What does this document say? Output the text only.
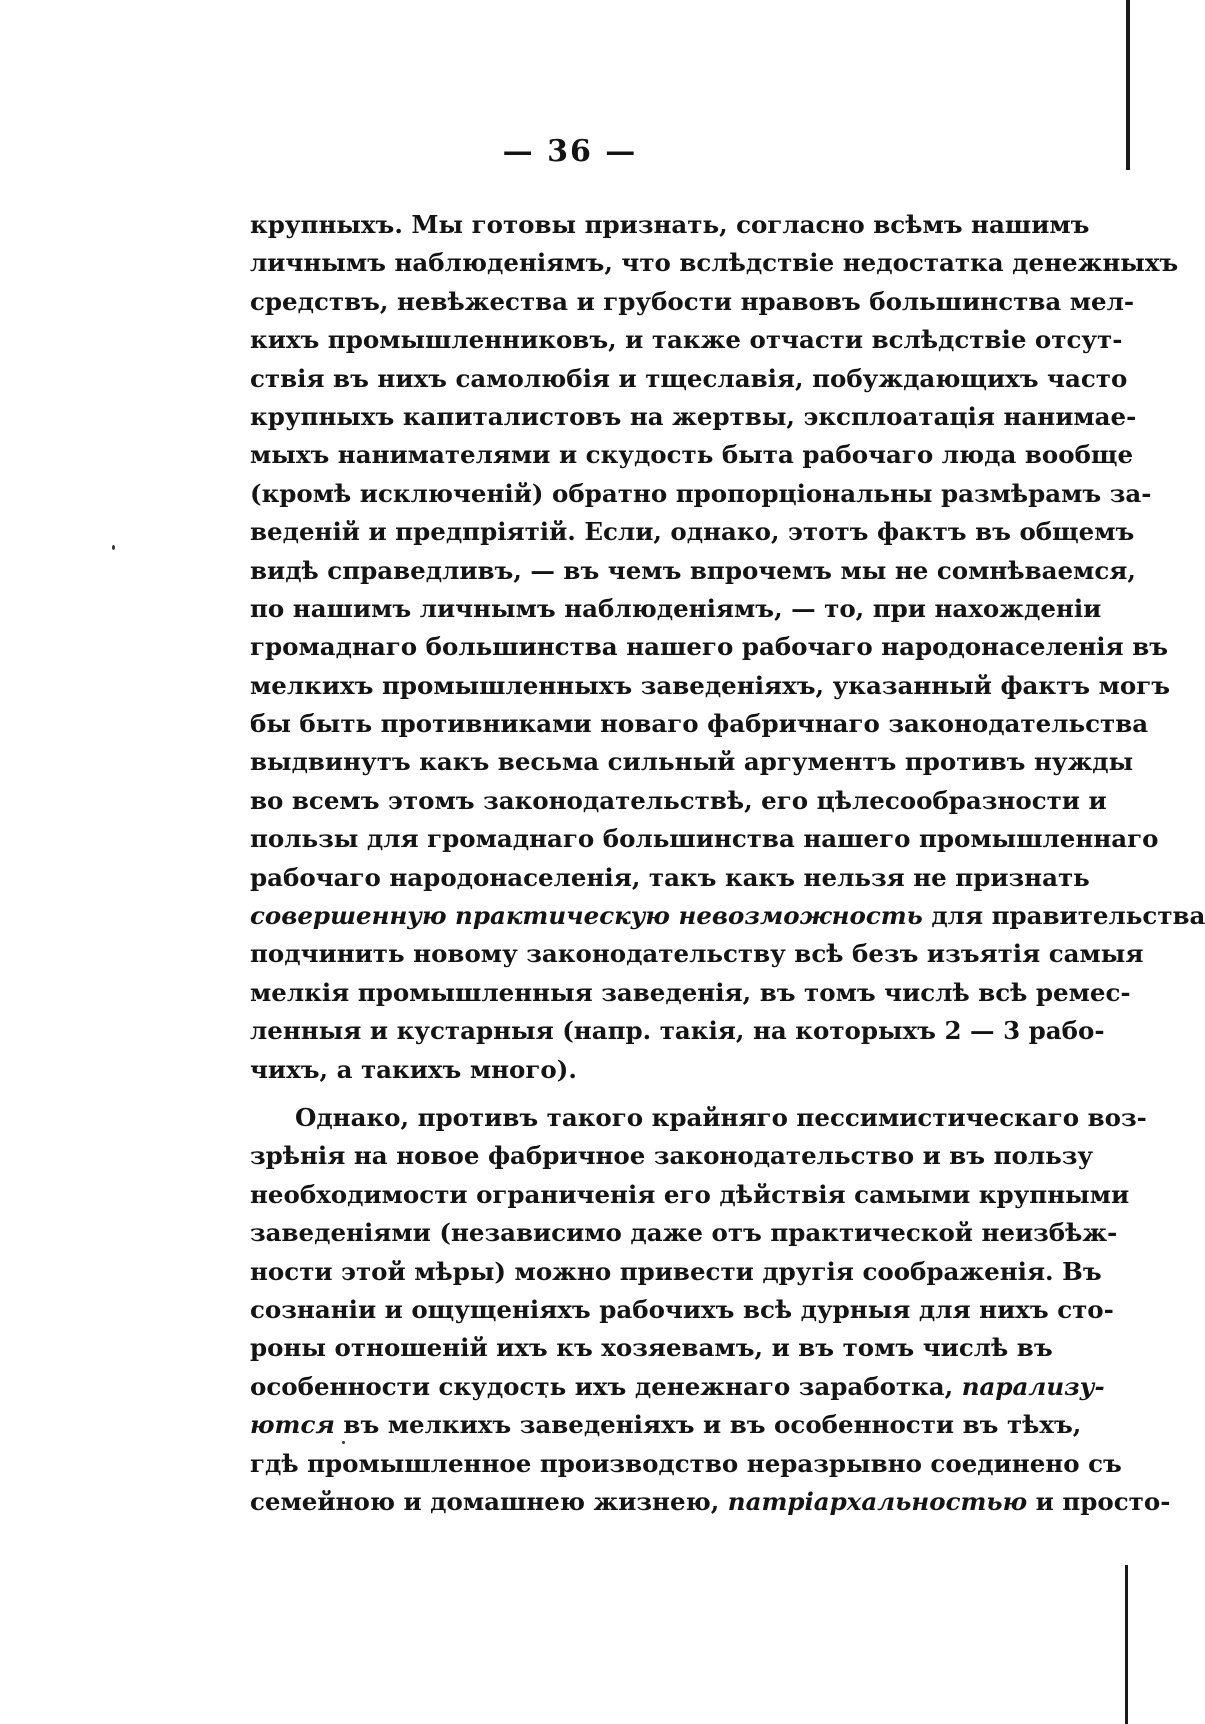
— 36 —
крупныхъ. Мы готовы признать, согласно всѣмъ нашимъ
личнымъ наблюденіямъ, что вслѣдствіе недостатка денежныхъ
средствъ, невѣжества и грубости нравовъ большинства мел-
кихъ промышленниковъ, и также отчасти вслѣдствіе отсут-
ствія въ нихъ самолюбія и тщеславія, побуждающихъ часто
крупныхъ капиталистовъ на жертвы, эксплоатація нанимае-
мыхъ нанимателями и скудость быта рабочаго люда вообще
(кромѣ исключеній) обратно пропорціональны размѣрамъ за-
веденій и предпріятій. Если, однако, этотъ фактъ въ общемъ
видѣ справедливъ, — въ чемъ впрочемъ мы не сомнѣваемся,
по нашимъ личнымъ наблюденіямъ, — то, при нахожденіи
громаднаго большинства нашего рабочаго народонаселенія въ
мелкихъ промышленныхъ заведеніяхъ, указанный фактъ могъ
бы быть противниками новаго фабричнаго законодательства
выдвинутъ какъ весьма сильный аргументъ противъ нужды
во всемъ этомъ законодательствѣ, его цѣлесообразности и
пользы для громаднаго большинства нашего промышленнаго
рабочаго народонаселенія, такъ какъ нельзя не признать
совершенную практическую невозможность для правительства
подчинить новому законодательству всѣ безъ изъятія самыя
мелкія промышленныя заведенія, въ томъ числѣ всѣ ремес-
ленныя и кустарныя (напр. такія, на которыхъ 2 — 3 рабо-
чихъ, а такихъ много).
Однако, противъ такого крайняго пессимистическаго воз-
зрѣнія на новое фабричное законодательство и въ пользу
необходимости ограниченія его дѣйствія самыми крупными
заведеніями (независимо даже отъ практической неизбѣж-
ности этой мѣры) можно привести другія соображенія. Въ
сознаніи и ощущеніяхъ рабочихъ всѣ дурныя для нихъ сто-
роны отношеній ихъ къ хозяевамъ, и въ томъ числѣ въ
особенности скудость ихъ денежнаго заработка, парализу-
ются въ мелкихъ заведеніяхъ и въ особенности въ тѣхъ,
гдѣ промышленное производство неразрывно соединено съ
семейною и домашнею жизнею, патріархальностью и просто-
